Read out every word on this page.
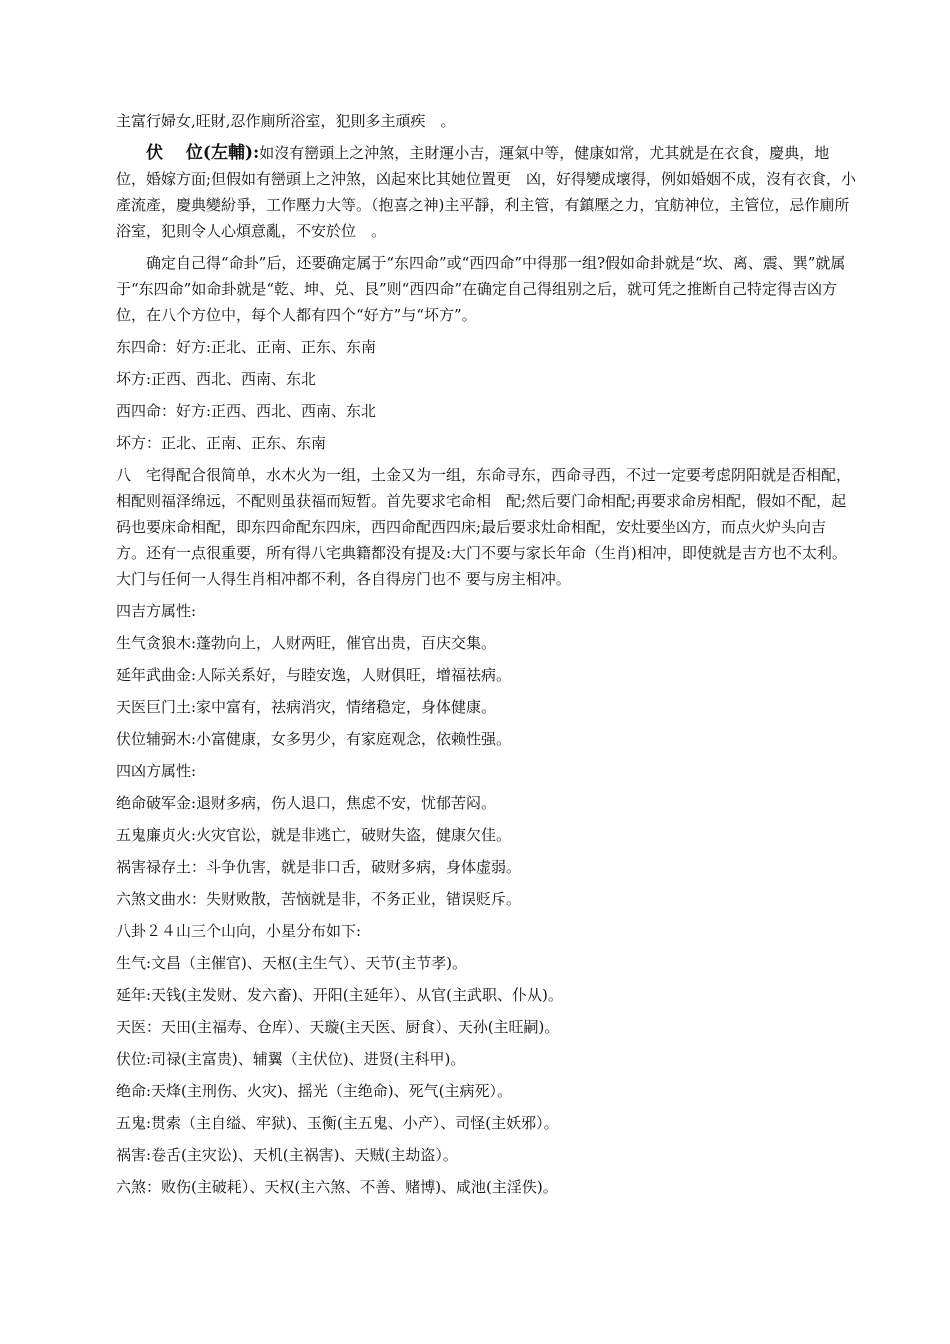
主富行婦女,旺財,忍作廁所浴室，犯則多主頑疾　。

伏　 位(左輔):如沒有巒頭上之沖煞，主財運小吉，運氣中等，健康如常，尤其就是在衣食，慶典，地位，婚嫁方面;但假如有巒頭上之沖煞，凶起來比其她位置更　凶，好得變成壞得，例如婚姻不成，沒有衣食，小產流產，慶典變紛爭，工作壓力大等。（抱喜之神)主平靜，利主管，有鎮壓之力，宜舫神位，主管位，忌作廁所 浴室，犯則令人心煩意亂，不安於位　。

确定自己得“命卦”后，还要确定属于“东四命”或“西四命”中得那一组?假如命卦就是“坎、离、震、巽”就属于“东四命”如命卦就是“乾、坤、兑、艮”则“西四命”在确定自己得组别之后，就可凭之推断自己特定得吉凶方位，在八个方位中，每个人都有四个“好方”与“坏方”。

东四命：好方:正北、正南、正东、东南

坏方:正西、西北、西南、东北

西四命：好方:正西、西北、西南、东北

坏方：正北、正南、正东、东南

八　宅得配合很简单，水木火为一组，土金又为一组，东命寻东，西命寻西，不过一定要考虑阴阳就是否相配，相配则福泽绵远，不配则虽获福而短暂。首先要求宅命相　配;然后要门命相配;再要求命房相配，假如不配，起码也要床命相配，即东四命配东四床，西四命配西四床;最后要求灶命相配，安灶要坐凶方，而点火炉头向吉　方。还有一点很重要，所有得八宅典籍都没有提及:大门不要与家长年命（生肖)相冲，即使就是吉方也不太利。大门与任何一人得生肖相冲都不利，各自得房门也不 要与房主相冲。

四吉方属性:

生气贪狼木:蓬勃向上，人财两旺，催官出贵，百庆交集。

延年武曲金:人际关系好，与睦安逸，人财俱旺，增福祛病。

天医巨门土:家中富有，祛病消灾，情绪稳定，身体健康。

伏位辅弼木:小富健康，女多男少，有家庭观念，依赖性强。

四凶方属性:

绝命破军金:退财多病，伤人退口，焦虑不安，忧郁苦闷。

五鬼廉贞火:火灾官讼，就是非逃亡，破财失盗，健康欠佳。

祸害禄存土：斗争仇害，就是非口舌，破财多病，身体虚弱。

六煞文曲水：失财败散，苦恼就是非，不务正业，错误贬斥。

八卦２４山三个山向，小星分布如下:

生气:文昌（主催官)、天枢(主生气）、天节(主节孝)。

延年:天钱(主发财、发六畜)、开阳(主延年）、从官(主武职、仆从)。

天医：天田(主福寿、仓库）、天璇(主天医、厨食）、天孙(主旺嗣)。

伏位:司禄(主富贵)、辅翼（主伏位)、进贤(主科甲)。

绝命:天烽(主刑伤、火灾)、摇光（主绝命)、死气(主病死）。

五鬼:贯索（主自缢、牢狱)、玉衡(主五鬼、小产）、司怪(主妖邪）。

祸害:卷舌(主灾讼)、天机(主祸害)、天贼(主劫盗）。

六煞：败伤(主破耗）、天权(主六煞、不善、赌博)、咸池(主淫佚)。
